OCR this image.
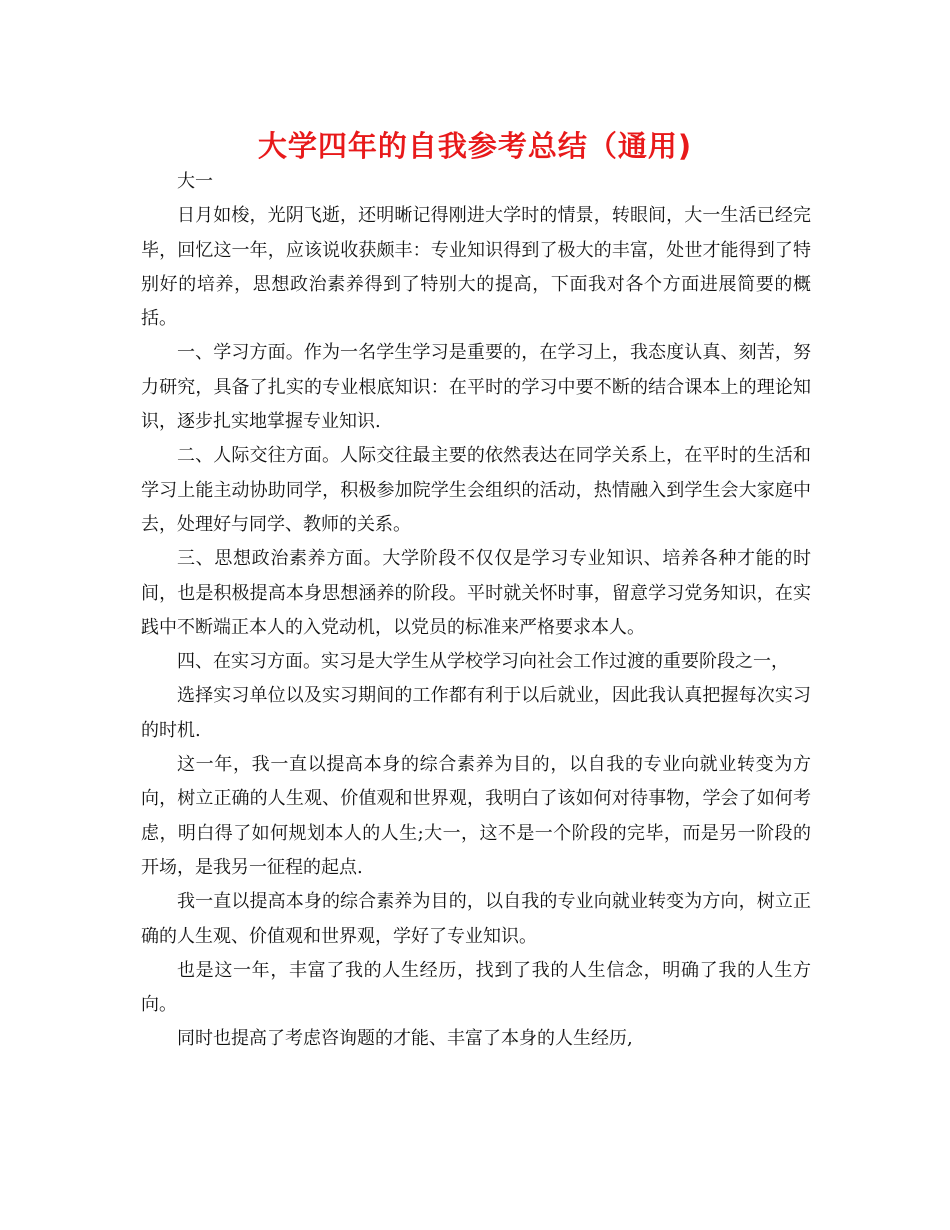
大学四年的自我参考总结（通用)

大一

日月如梭，光阴飞逝，还明晰记得刚进大学时的情景，转眼间，大一生活已经完毕，回忆这一年，应该说收获颇丰：专业知识得到了极大的丰富，处世才能得到了特别好的培养，思想政治素养得到了特别大的提高，下面我对各个方面进展简要的概括。

一、学习方面。作为一名学生学习是重要的，在学习上，我态度认真、刻苦，努力研究，具备了扎实的专业根底知识：在平时的学习中要不断的结合课本上的理论知识，逐步扎实地掌握专业知识.

二、人际交往方面。人际交往最主要的依然表达在同学关系上，在平时的生活和学习上能主动协助同学，积极参加院学生会组织的活动，热情融入到学生会大家庭中去，处理好与同学、教师的关系。

三、思想政治素养方面。大学阶段不仅仅是学习专业知识、培养各种才能的时间，也是积极提高本身思想涵养的阶段。平时就关怀时事，留意学习党务知识，在实践中不断端正本人的入党动机，以党员的标准来严格要求本人。

四、在实习方面。实习是大学生从学校学习向社会工作过渡的重要阶段之一，

选择实习单位以及实习期间的工作都有利于以后就业，因此我认真把握每次实习的时机.

这一年，我一直以提高本身的综合素养为目的，以自我的专业向就业转变为方向，树立正确的人生观、价值观和世界观，我明白了该如何对待事物，学会了如何考虑，明白得了如何规划本人的人生;大一，这不是一个阶段的完毕，而是另一阶段的开场，是我另一征程的起点.

我一直以提高本身的综合素养为目的，以自我的专业向就业转变为方向，树立正确的人生观、价值观和世界观，学好了专业知识。

也是这一年，丰富了我的人生经历，找到了我的人生信念，明确了我的人生方向。

同时也提高了考虑咨询题的才能、丰富了本身的人生经历,
